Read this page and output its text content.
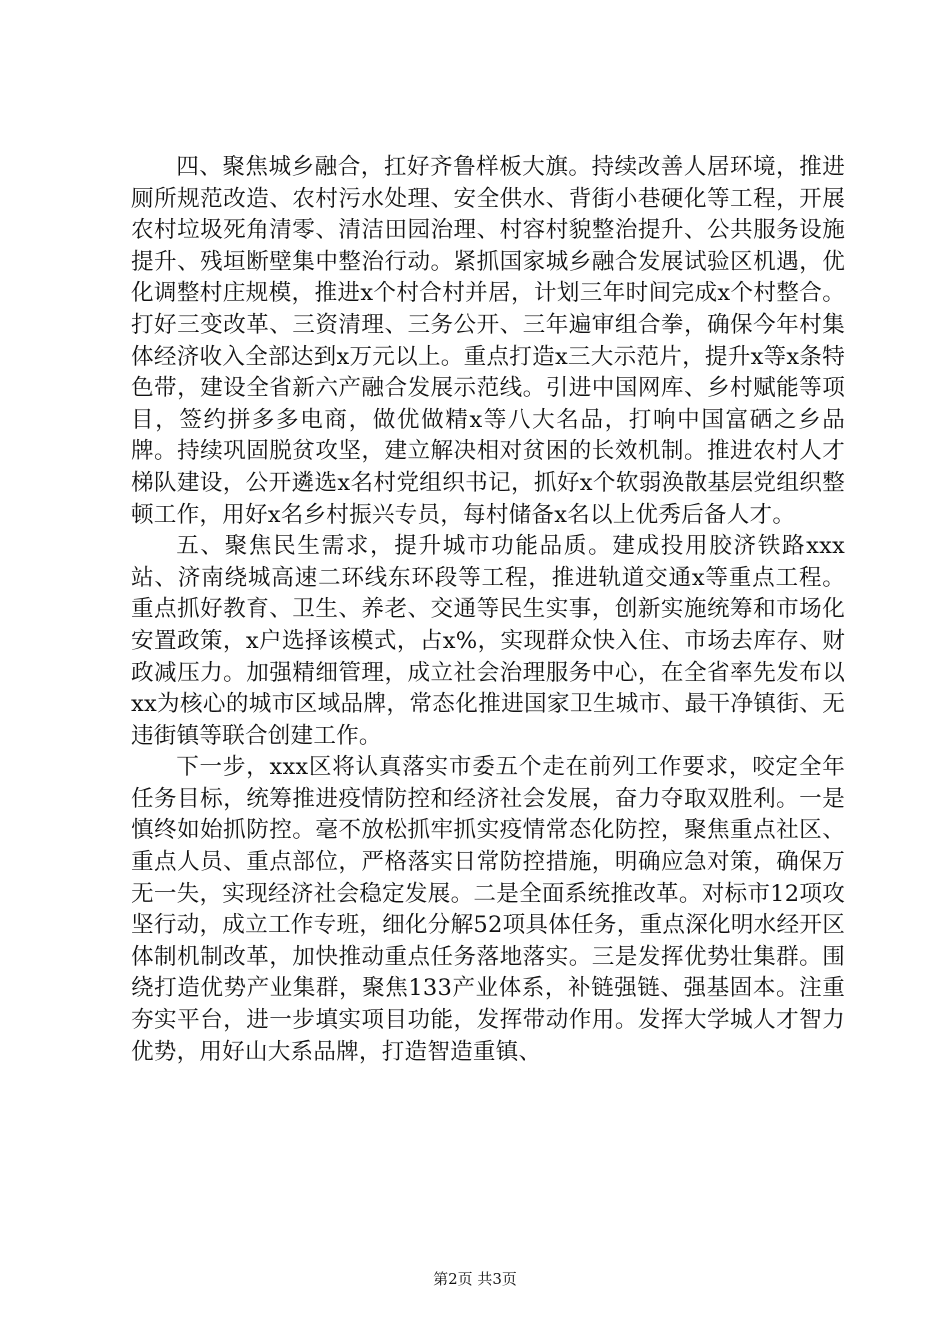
四、聚焦城乡融合，扛好齐鲁样板大旗。持续改善人居环境，推进厕所规范改造、农村污水处理、安全供水、背街小巷硬化等工程，开展农村垃圾死角清零、清洁田园治理、村容村貌整治提升、公共服务设施提升、残垣断壁集中整治行动。紧抓国家城乡融合发展试验区机遇，优化调整村庄规模，推进x个村合村并居，计划三年时间完成x个村整合。打好三变改革、三资清理、三务公开、三年遍审组合拳，确保今年村集体经济收入全部达到x万元以上。重点打造x三大示范片，提升x等x条特色带，建设全省新六产融合发展示范线。引进中国网库、乡村赋能等项目，签约拼多多电商，做优做精x等八大名品，打响中国富硒之乡品牌。持续巩固脱贫攻坚，建立解决相对贫困的长效机制。推进农村人才梯队建设，公开遴选x名村党组织书记，抓好x个软弱涣散基层党组织整顿工作，用好x名乡村振兴专员，每村储备x名以上优秀后备人才。

五、聚焦民生需求，提升城市功能品质。建成投用胶济铁路xxx站、济南绕城高速二环线东环段等工程，推进轨道交通x等重点工程。重点抓好教育、卫生、养老、交通等民生实事，创新实施统筹和市场化安置政策，x户选择该模式，占x%，实现群众快入住、市场去库存、财政减压力。加强精细管理，成立社会治理服务中心，在全省率先发布以xx为核心的城市区域品牌，常态化推进国家卫生城市、最干净镇街、无违街镇等联合创建工作。

下一步，xxx区将认真落实市委五个走在前列工作要求，咬定全年任务目标，统筹推进疫情防控和经济社会发展，奋力夺取双胜利。一是慎终如始抓防控。毫不放松抓牢抓实疫情常态化防控，聚焦重点社区、重点人员、重点部位，严格落实日常防控措施，明确应急对策，确保万无一失，实现经济社会稳定发展。二是全面系统推改革。对标市12项攻坚行动，成立工作专班，细化分解52项具体任务，重点深化明水经开区体制机制改革，加快推动重点任务落地落实。三是发挥优势壮集群。围绕打造优势产业集群，聚焦133产业体系，补链强链、强基固本。注重夯实平台，进一步填实项目功能，发挥带动作用。发挥大学城人才智力优势，用好山大系品牌，打造智造重镇、

第2页 共3页
